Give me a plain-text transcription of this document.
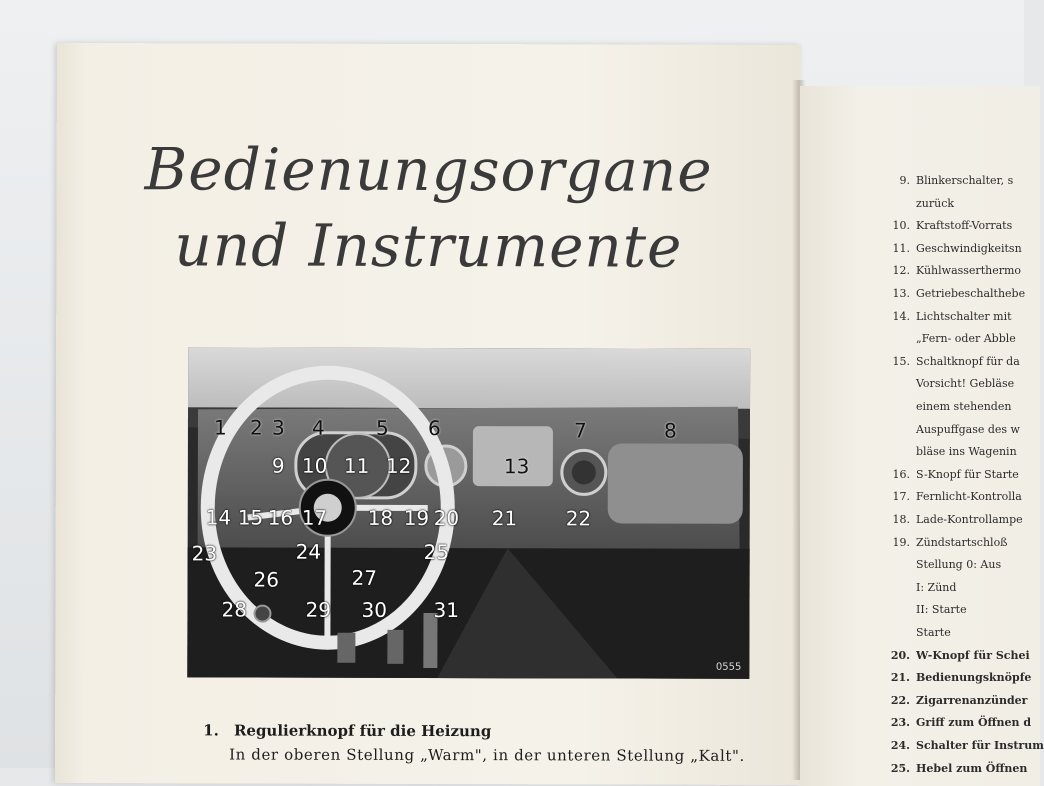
Bedienungsorgane
und Instrumente
1 2 3 4	5 6	7	8
9 10 11 12	13
14 15 16 17 18 19 20 21 22
23	24	25
26	27
28	29 30 31
0555
1. Regulierknopf für die Heizung
In der oberen Stellung „Warm", in der unteren Stellung „Kalt".
9. Blinkerschalter, s
zurück
10. Kraftstoff-Vorrats
11. Geschwindigkeitsn
12. Kühlwasserthermo
13. Getriebeschalthebe
14. Lichtschalter mit
„Fern- oder Abble
15. Schaltknopf für da
Vorsicht! Gebläse
einem stehenden
Auspuffgase des w
bläse ins Wagenin
16. S-Knopf für Starte
17. Fernlicht-Kontrolla
18. Lade-Kontrollampe
19. Zündstartschloß
Stellung 0: Aus
I: Zünd
II: Starte
Starte
20. W-Knopf für Schei
21. Bedienungsknöpfe
22. Zigarrenanzünder
23. Griff zum Öffnen d
24. Schalter für Instrum
25. Hebel zum Öffnen
